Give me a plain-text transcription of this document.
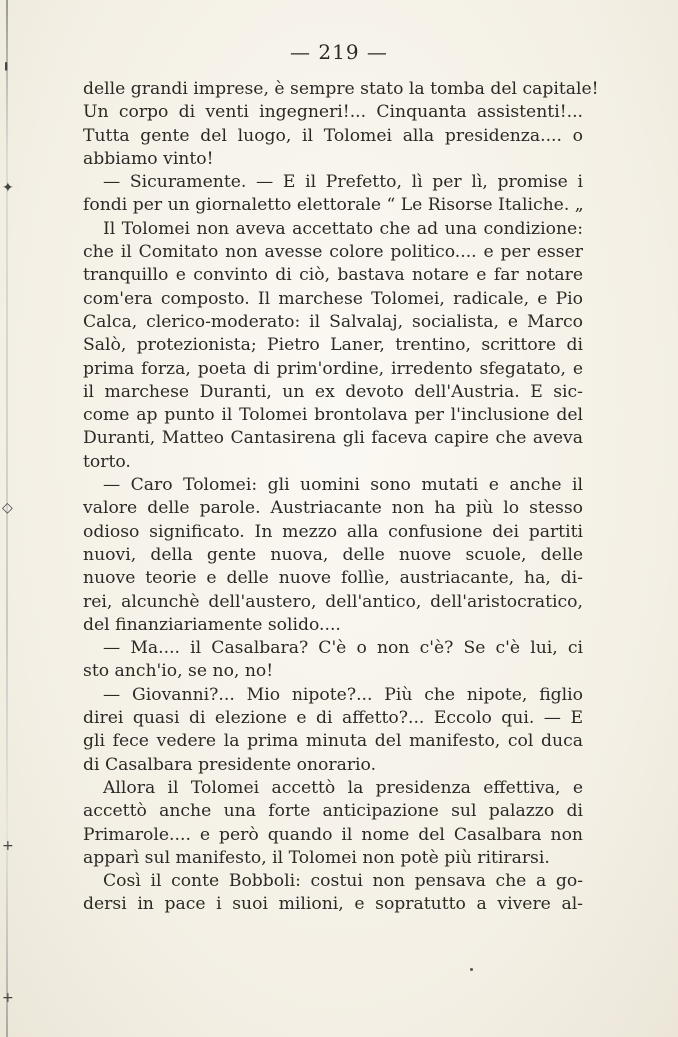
╻
✦
◇
+
+
— 219 —
delle grandi imprese, è sempre stato la tomba del capitale!
Un corpo di venti ingegneri!... Cinquanta assistenti!...
Tutta gente del luogo, il Tolomei alla presidenza.... o
abbiamo vinto!
— Sicuramente. — E il Prefetto, lì per lì, promise i
fondi per un giornaletto elettorale “ Le Risorse Italiche. „
Il Tolomei non aveva accettato che ad una condizione:
che il Comitato non avesse colore politico.... e per esser
tranquillo e convinto di ciò, bastava notare e far notare
com'era composto. Il marchese Tolomei, radicale, e Pio
Calca, clerico-moderato: il Salvalaj, socialista, e Marco
Salò, protezionista; Pietro Laner, trentino, scrittore di
prima forza, poeta di prim'ordine, irredento sfegatato, e
il marchese Duranti, un ex devoto dell'Austria. E sic-
come ap punto il Tolomei brontolava per l'inclusione del
Duranti, Matteo Cantasirena gli faceva capire che aveva
torto.
— Caro Tolomei: gli uomini sono mutati e anche il
valore delle parole. Austriacante non ha più lo stesso
odioso significato. In mezzo alla confusione dei partiti
nuovi, della gente nuova, delle nuove scuole, delle
nuove teorie e delle nuove follìe, austriacante, ha, di-
rei, alcunchè dell'austero, dell'antico, dell'aristocratico,
del finanziariamente solido....
— Ma.... il Casalbara? C'è o non c'è? Se c'è lui, ci
sto anch'io, se no, no!
— Giovanni?... Mio nipote?... Più che nipote, figlio
direi quasi di elezione e di affetto?... Eccolo qui. — E
gli fece vedere la prima minuta del manifesto, col duca
di Casalbara presidente onorario.
Allora il Tolomei accettò la presidenza effettiva, e
accettò anche una forte anticipazione sul palazzo di
Primarole.... e però quando il nome del Casalbara non
apparì sul manifesto, il Tolomei non potè più ritirarsi.
Così il conte Bobboli: costui non pensava che a go-
dersi in pace i suoi milioni, e sopratutto a vivere al-
